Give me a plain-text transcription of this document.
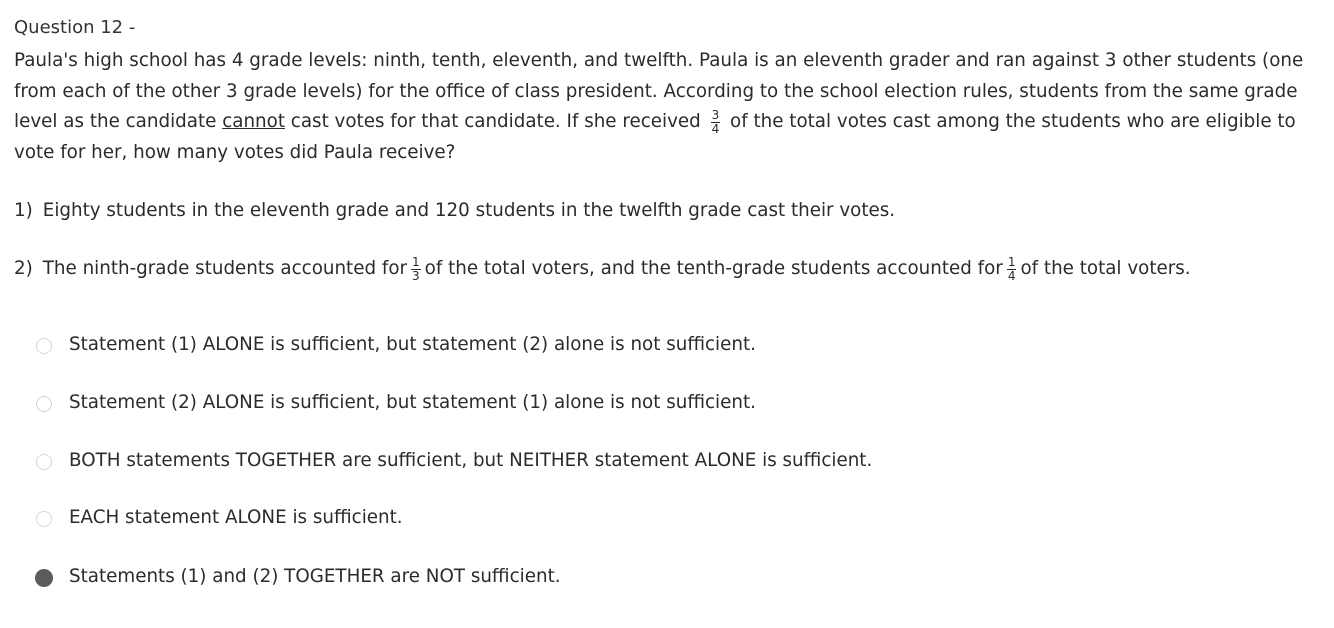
Question 12 -
Paula's high school has 4 grade levels: ninth, tenth, eleventh, and twelfth. Paula is an eleventh grader and ran against 3 other students (one from each of the other 3 grade levels) for the office of class president. According to the school election rules, students from the same grade level as the candidate cannot cast votes for that candidate. If she received $\frac{3}{4}$ of the total votes cast among the students who are eligible to vote for her, how many votes did Paula receive?
1) Eighty students in the eleventh grade and 120 students in the twelfth grade cast their votes.
2) The ninth-grade students accounted for $\frac{1}{3}$ of the total voters, and the tenth-grade students accounted for $\frac{1}{4}$ of the total voters.
Statement (1) ALONE is sufficient, but statement (2) alone is not sufficient.
Statement (2) ALONE is sufficient, but statement (1) alone is not sufficient.
BOTH statements TOGETHER are sufficient, but NEITHER statement ALONE is sufficient.
EACH statement ALONE is sufficient.
Statements (1) and (2) TOGETHER are NOT sufficient.
